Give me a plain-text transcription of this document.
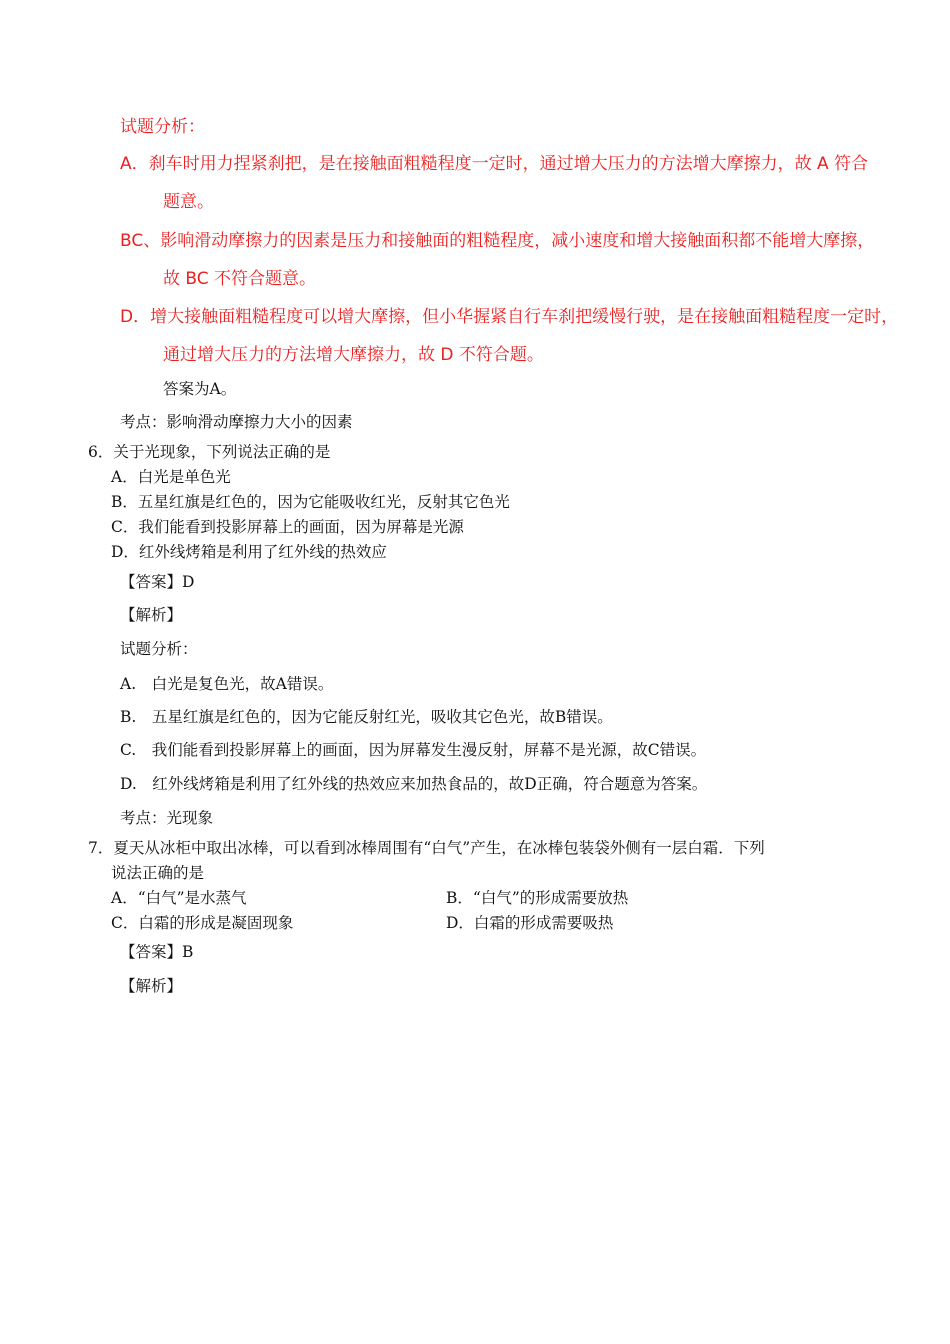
试题分析：
A．刹车时用力捏紧刹把，是在接触面粗糙程度一定时，通过增大压力的方法增大摩擦力，故 A 符合
题意。
BC、影响滑动摩擦力的因素是压力和接触面的粗糙程度，减小速度和增大接触面积都不能增大摩擦，
故 BC 不符合题意。
D．增大接触面粗糙程度可以增大摩擦，但小华握紧自行车刹把缓慢行驶，是在接触面粗糙程度一定时，
通过增大压力的方法增大摩擦力，故 D 不符合题。
答案为A。
考点：影响滑动摩擦力大小的因素
6．关于光现象，下列说法正确的是
A．白光是单色光
B．五星红旗是红色的，因为它能吸收红光，反射其它色光
C．我们能看到投影屏幕上的画面，因为屏幕是光源
D．红外线烤箱是利用了红外线的热效应
【答案】D
【解析】
试题分析：
A.　白光是复色光，故A错误。
B.　五星红旗是红色的，因为它能反射红光，吸收其它色光，故B错误。
C.　我们能看到投影屏幕上的画面，因为屏幕发生漫反射，屏幕不是光源，故C错误。
D.　红外线烤箱是利用了红外线的热效应来加热食品的，故D正确，符合题意为答案。
考点：光现象
7．夏天从冰柜中取出冰棒，可以看到冰棒周围有“白气”产生，在冰棒包装袋外侧有一层白霜．下列
说法正确的是
A．“白气”是水蒸气	B．“白气”的形成需要放热
C．白霜的形成是凝固现象	D．白霜的形成需要吸热
【答案】B
【解析】
